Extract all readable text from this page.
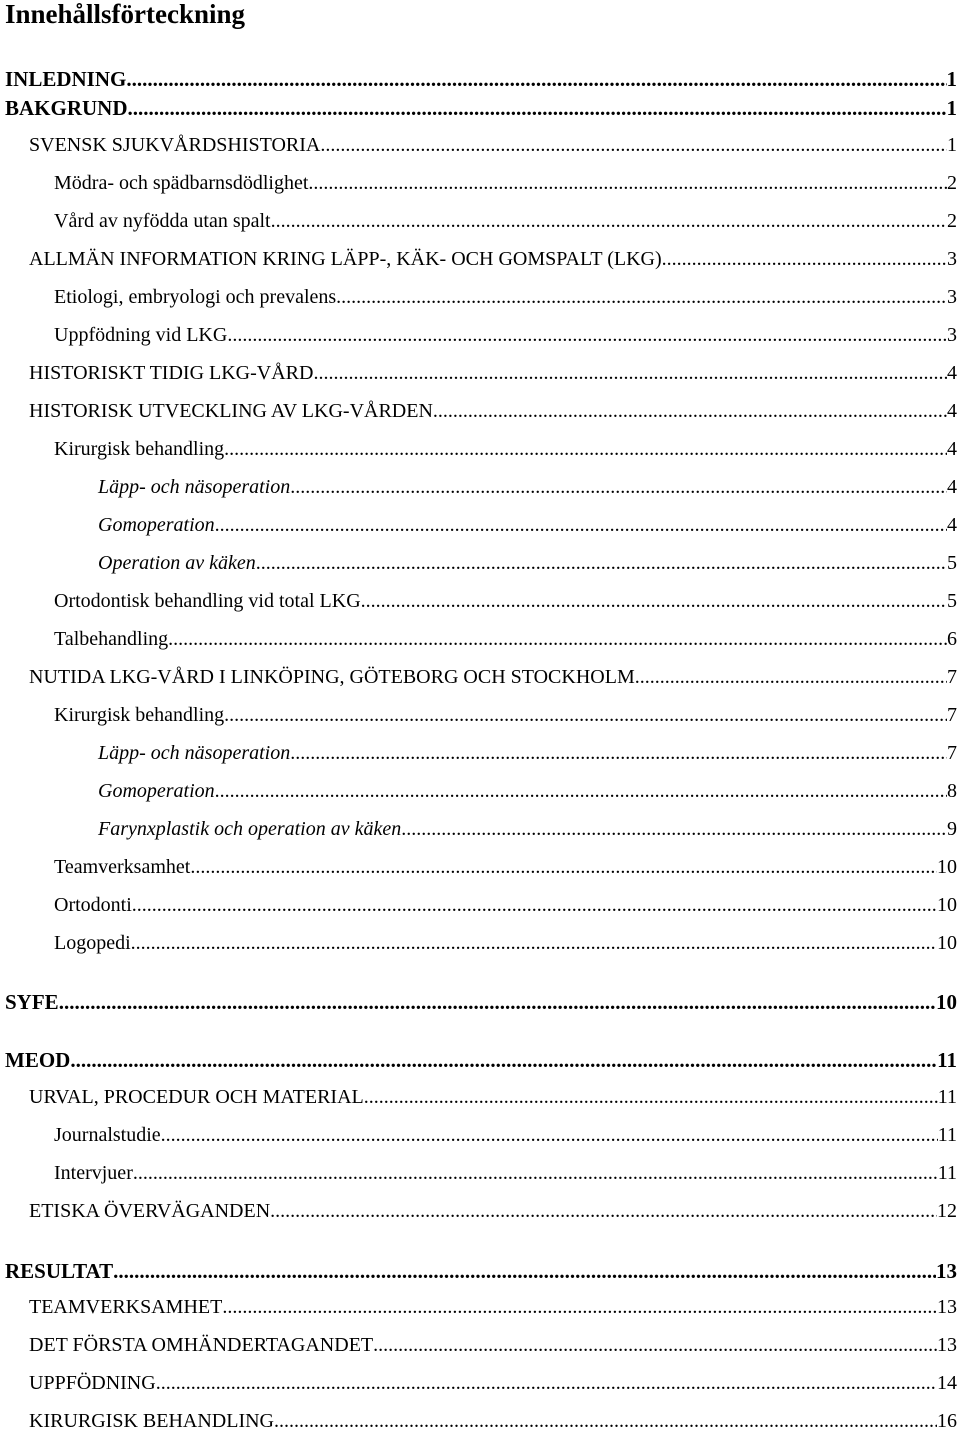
Innehållsförteckning
INLEDNING .....	1
BAKGRUND .....	1
SVENSK SJUKVÅRDSHISTORIA .....	1
Mödra- och spädbarnsdödlighet .....	2
Vård av nyfödda utan spalt .....	2
ALLMÄN INFORMATION KRING LÄPP-, KÄK- OCH GOMSPALT (LKG) .....	3
Etiologi, embryologi och prevalens .....	3
Uppfödning vid LKG .....	3
HISTORISKT TIDIG LKG-VÅRD .....	4
HISTORISK UTVECKLING AV LKG-VÅRDEN .....	4
Kirurgisk behandling .....	4
Läpp- och näsoperation .....	4
Gomoperation .....	4
Operation av käken .....	5
Ortodontisk behandling vid total LKG .....	5
Talbehandling .....	6
NUTIDA LKG-VÅRD I LINKÖPING, GÖTEBORG OCH STOCKHOLM .....	7
Kirurgisk behandling .....	7
Läpp- och näsoperation .....	7
Gomoperation .....	8
Farynxplastik och operation av käken .....	9
Teamverksamhet .....	10
Ortodonti .....	10
Logopedi .....	10
SYFE .....	10
MEOD .....	11
URVAL, PROCEDUR OCH MATERIAL .....	11
Journalstudie .....	11
Intervjuer .....	11
ETISKA ÖVERVÄGANDEN .....	12
RESULTAT .....	13
TEAMVERKSAMHET .....	13
DET FÖRSTA OMHÄNDERTAGANDET .....	13
UPPFÖDNING .....	14
KIRURGISK BEHANDLING .....	16
